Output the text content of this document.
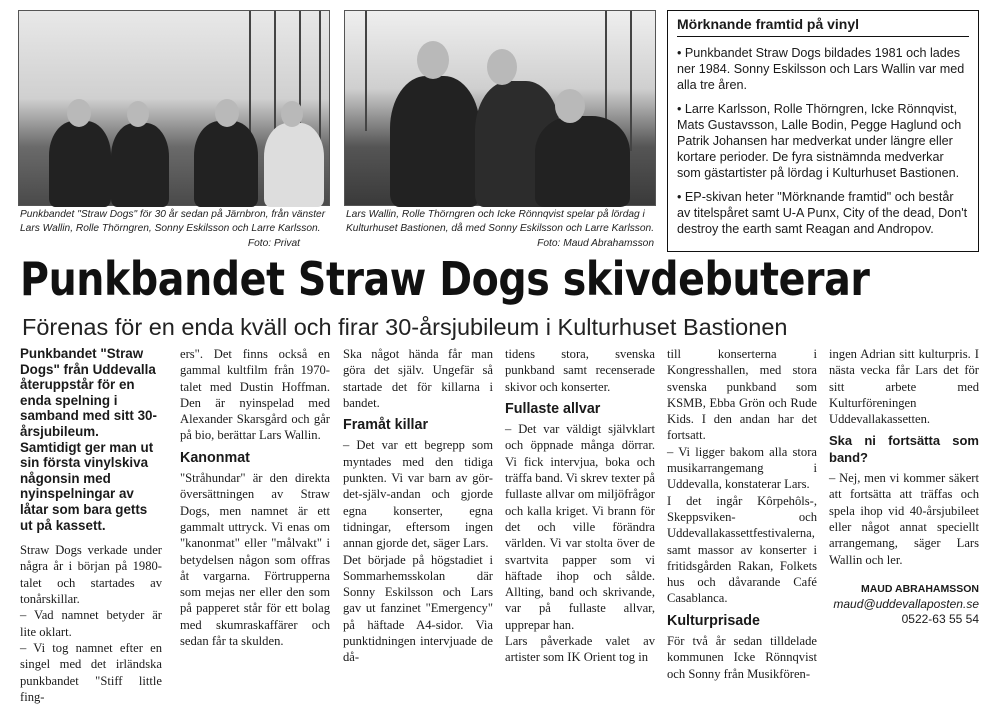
Punkbandet "Straw Dogs" för 30 år sedan på Järnbron, från vänster Lars Wallin, Rolle Thörngren, Sonny Eskilsson och Larre Karlsson.
Foto: Privat
Lars Wallin, Rolle Thörngren och Icke Rönnqvist spelar på lördag i Kulturhuset Bastionen, då med Sonny Eskilsson och Larre Karlsson.
Foto: Maud Abrahamsson
Mörknande framtid på vinyl

• Punkbandet Straw Dogs bildades 1981 och lades ner 1984. Sonny Eskilsson och Lars Wallin var med alla tre åren.

• Larre Karlsson, Rolle Thörngren, Icke Rönnqvist, Mats Gustavsson, Lalle Bodin, Pegge Haglund och Patrik Johansen har medverkat under längre eller kortare perioder. De fyra sistnämnda medverkar som gästartister på lördag i Kulturhuset Bastionen.

• EP-skivan heter "Mörknande framtid" och består av titelspåret samt U-A Punx, City of the dead, Don't destroy the earth samt Reagan and Andropov.

Punkbandet Straw Dogs skivdebuterar
Förenas för en enda kväll och firar 30-årsjubileum i Kulturhuset Bastionen
Punkbandet "Straw Dogs" från Uddevalla återuppstår för en enda spelning i samband med sitt 30-årsjubileum. Samtidigt ger man ut sin första vinylskiva någonsin med nyinspelningar av låtar som bara getts ut på kassett.

Straw Dogs verkade under några år i början på 1980-talet och startades av tonårskillar.

– Vad namnet betyder är lite oklart.

– Vi tog namnet efter en singel med det irländska punkbandet "Stiff little fing-

ers". Det finns också en gammal kultfilm från 1970-talet med Dustin Hoffman. Den är nyinspelad med Alexander Skarsgård och går på bio, berättar Lars Wallin.

Kanonmat

"Stråhundar" är den direkta översättningen av Straw Dogs, men namnet är ett gammalt uttryck. Vi enas om "kanonmat" eller "målvakt" i betydelsen någon som offras åt vargarna. Förtruppernа som mejas ner eller den som på papperet står för ett bolag med skumraskaffärer och sedan får ta skulden.

Ska något hända får man göra det själv. Ungefär så startade det för killarna i bandet.

Framåt killar

– Det var ett begrepp som myntades med den tidiga punkten. Vi var barn av gör-det-själv-andan och gjorde egna konserter, egna tidningar, eftersom ingen annan gjorde det, säger Lars.

Det började på högstadiet i Sommarhemsskolan där Sonny Eskilsson och Lars gav ut fanzinet "Emergency" på häftade A4-sidor. Via punktidningen intervjuade de då-

tidens stora, svenska punkband samt recenserade skivor och konserter.

Fullaste allvar

– Det var väldigt självklart och öppnade många dörrar. Vi fick intervjua, boka och träffa band. Vi skrev texter på fullaste allvar om miljöfrågor och kalla kriget. Vi brann för det och ville förändra världen. Vi var stolta över de svartvita papper som vi häftade ihop och sålde. Allting, band och skrivande, var på fullaste allvar, upprepar han.

Lars påverkade valet av artister som IK Orient tog in

till konserterna i Kongresshallen, med stora svenska punkband som KSMB, Ebba Grön och Rude Kids. I den andan har det fortsatt.

– Vi ligger bakom alla stora musikarrangemang i Uddevalla, konstaterar Lars.

I det ingår Kôrpehôls-, Skeppsviken- och Uddevallakassettfestivalerna, samt massor av konserter i fritidsgården Rakan, Folkets hus och dåvarande Café Casablanca.

Kulturprisade

För två år sedan tilldelade kommunen Icke Rönnqvist och Sonny från Musikfören-

ingen Adrian sitt kulturpris. I nästa vecka får Lars det för sitt arbete med Kulturföreningen Uddevallakassetten.

Ska ni fortsätta som band?

– Nej, men vi kommer säkert att fortsätta att träffas och spela ihop vid 40-årsjubileet eller något annat speciellt arrangemang, säger Lars Wallin och ler.

MAUD ABRAHAMSSON
maud@uddevallaposten.se
0522-63 55 54
